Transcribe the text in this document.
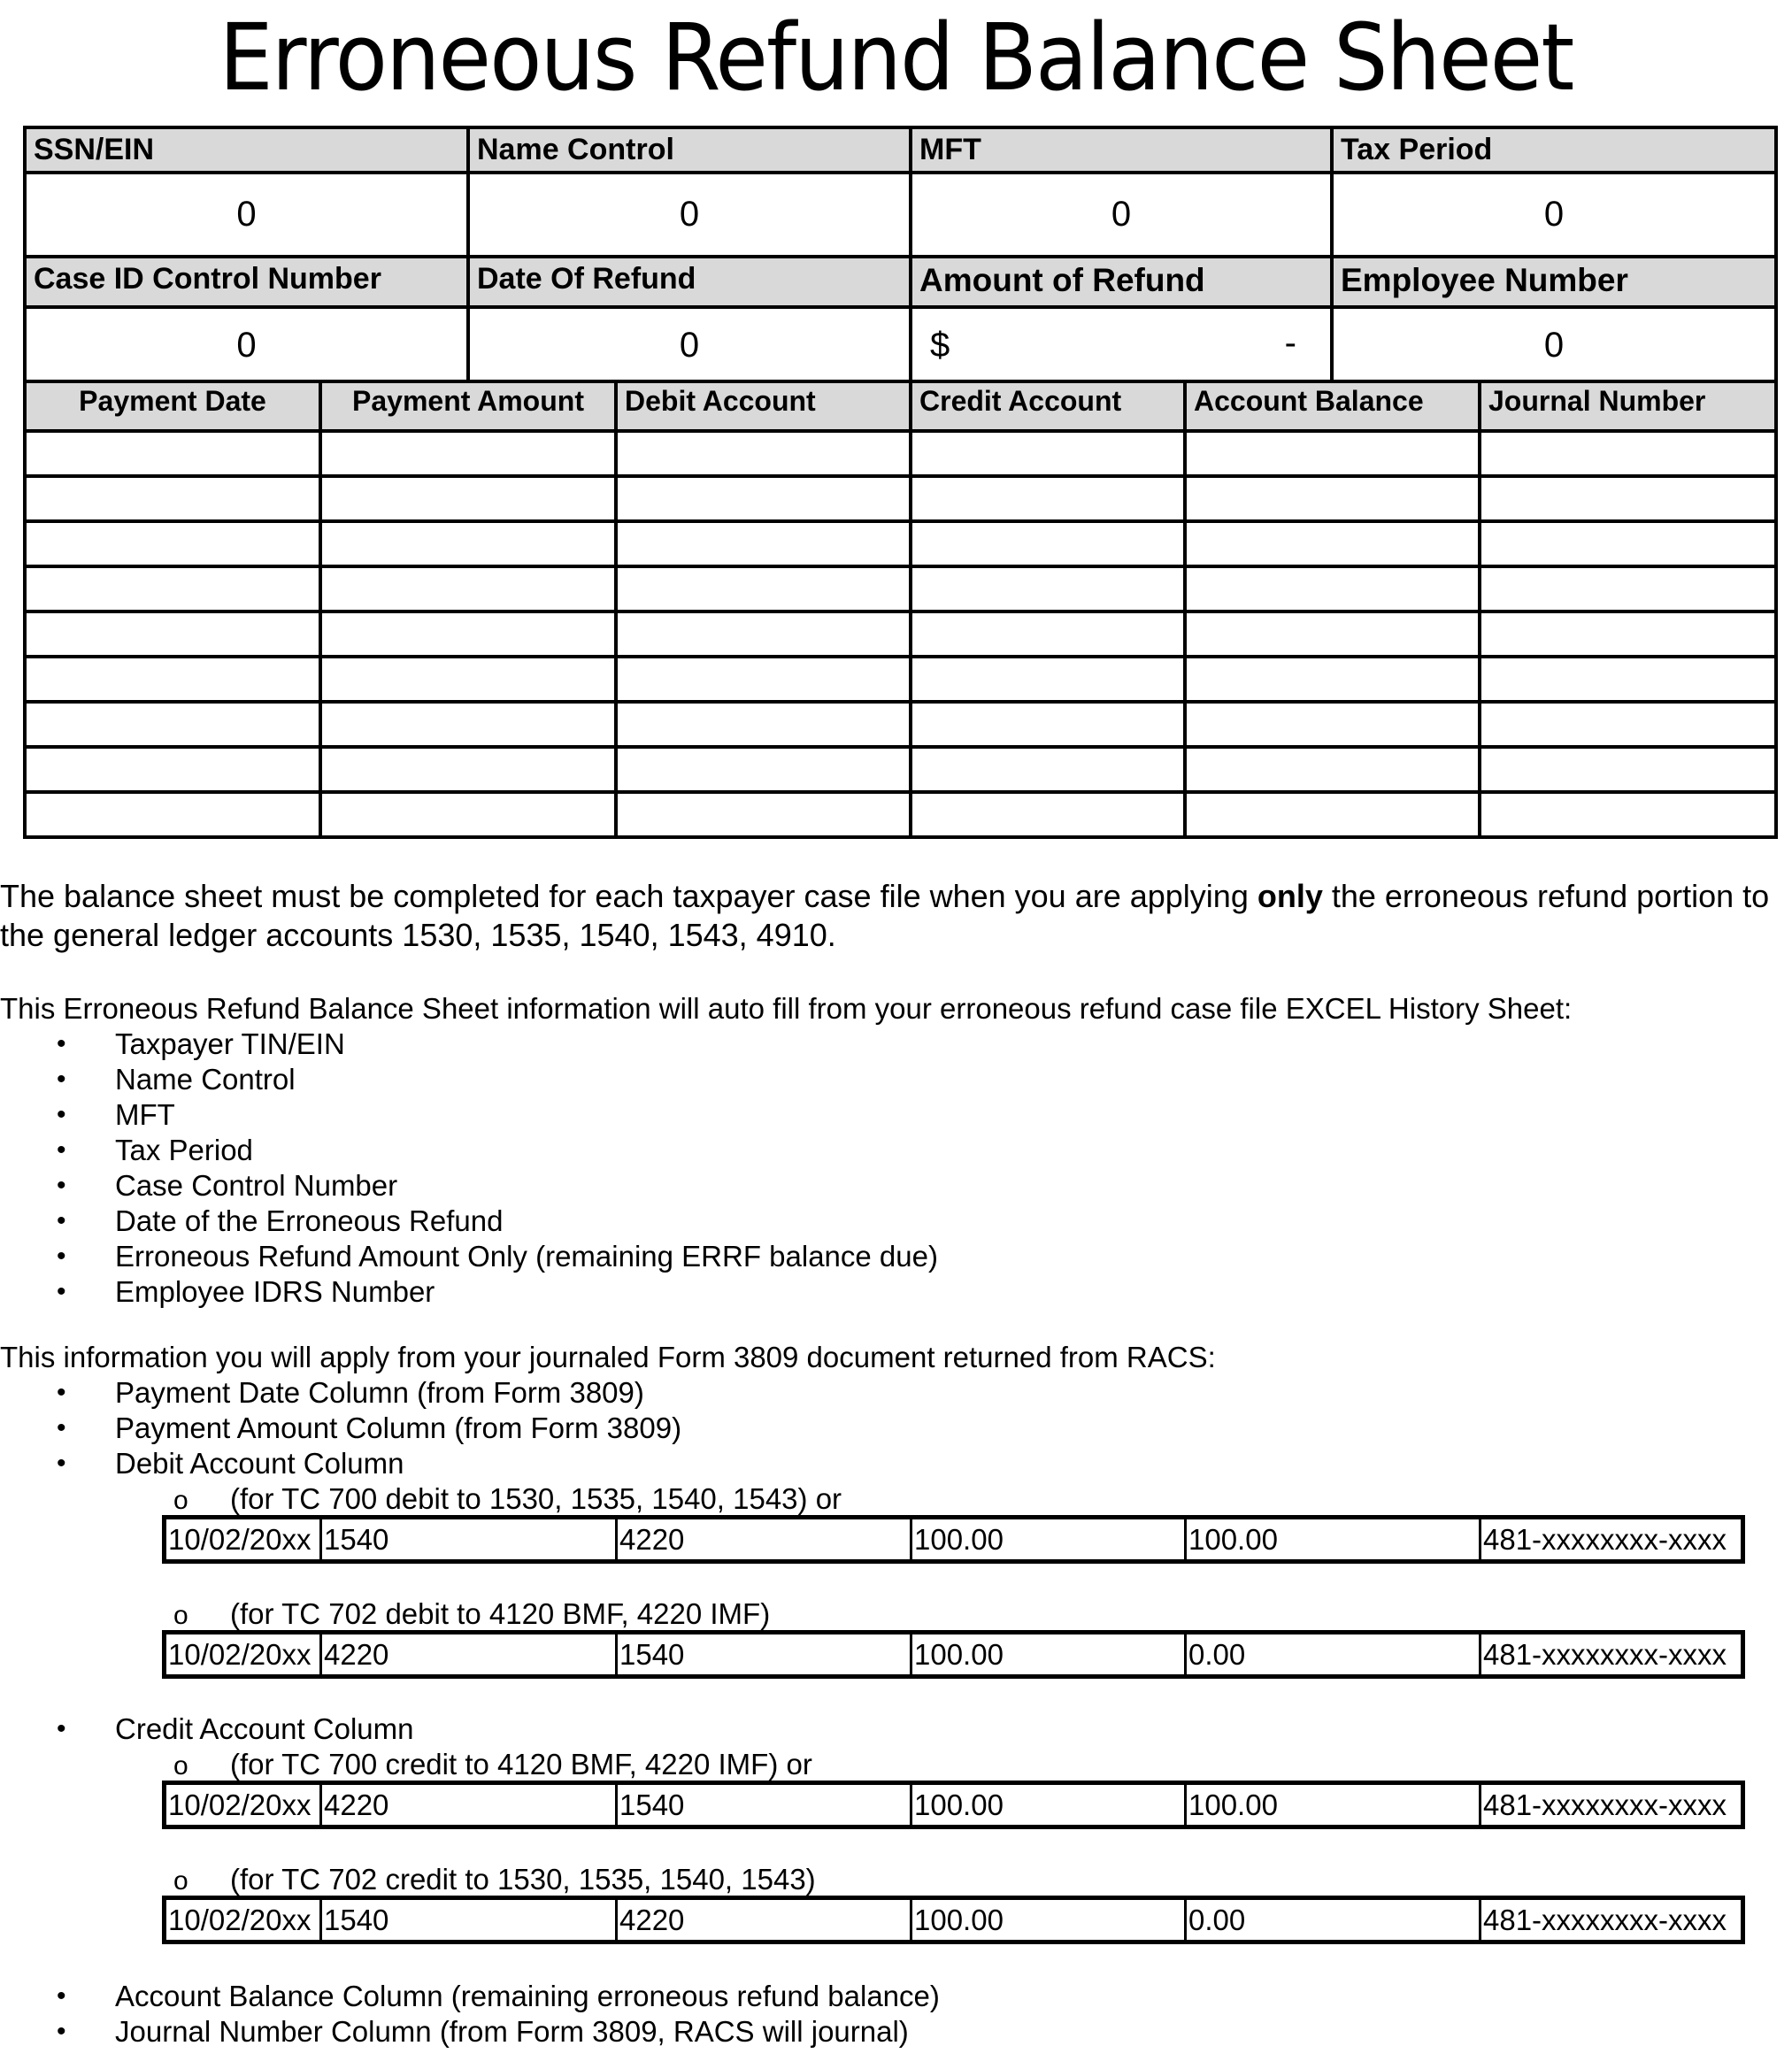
Erroneous Refund Balance Sheet
SSN/EIN	Name Control	MFT	Tax Period
0	0	0	0
Case ID Control Number	Date Of Refund	Amount of Refund	Employee Number
0	0	$ -	0
Payment Date	Payment Amount	Debit Account	Credit Account	Account Balance	Journal Number

The balance sheet must be completed for each taxpayer case file when you are applying only the erroneous refund portion to
the general ledger accounts 1530, 1535, 1540, 1543, 4910.
This Erroneous Refund Balance Sheet information will auto fill from your erroneous refund case file EXCEL History Sheet:
• Taxpayer TIN/EIN
• Name Control
• MFT
• Tax Period
• Case Control Number
• Date of the Erroneous Refund
• Erroneous Refund Amount Only (remaining ERRF balance due)
• Employee IDRS Number
This information you will apply from your journaled Form 3809 document returned from RACS:
• Payment Date Column (from Form 3809)
• Payment Amount Column (from Form 3809)
• Debit Account Column
o (for TC 700 debit to 1530, 1535, 1540, 1543) or
10/02/20xx	1540	4220	100.00	100.00	481-xxxxxxxx-xxxx
o (for TC 702 debit to 4120 BMF, 4220 IMF)
10/02/20xx	4220	1540	100.00	0.00	481-xxxxxxxx-xxxx
• Credit Account Column
o (for TC 700 credit to 4120 BMF, 4220 IMF) or
10/02/20xx	4220	1540	100.00	100.00	481-xxxxxxxx-xxxx
o (for TC 702 credit to 1530, 1535, 1540, 1543)
10/02/20xx	1540	4220	100.00	0.00	481-xxxxxxxx-xxxx
• Account Balance Column (remaining erroneous refund balance)
• Journal Number Column (from Form 3809, RACS will journal)
